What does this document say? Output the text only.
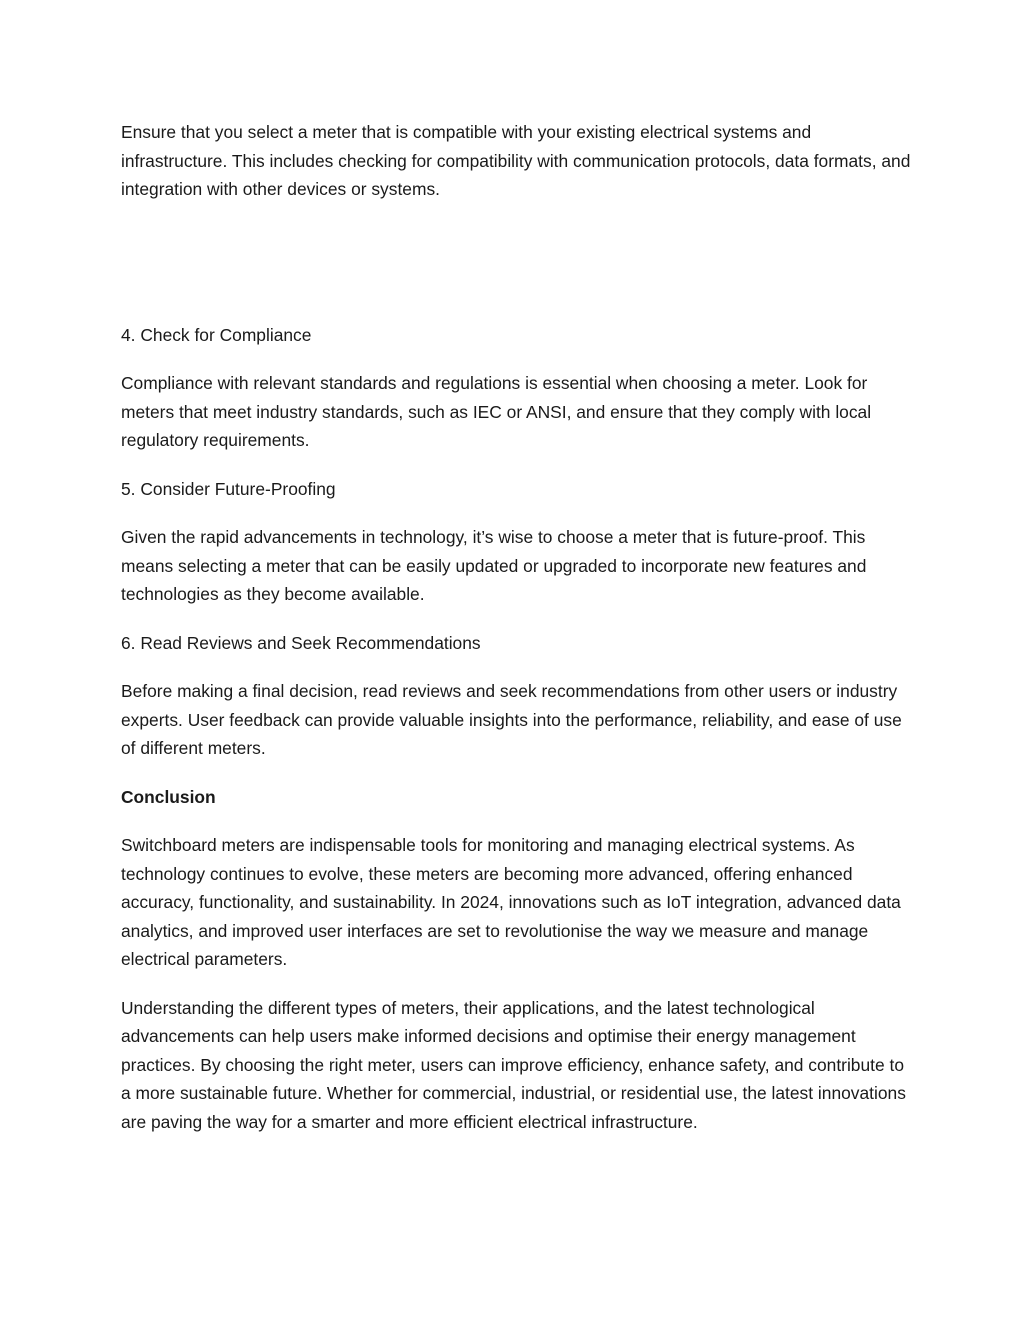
Ensure that you select a meter that is compatible with your existing electrical systems and infrastructure. This includes checking for compatibility with communication protocols, data formats, and integration with other devices or systems.

4. Check for Compliance

Compliance with relevant standards and regulations is essential when choosing a meter. Look for meters that meet industry standards, such as IEC or ANSI, and ensure that they comply with local regulatory requirements.

5. Consider Future-Proofing

Given the rapid advancements in technology, it’s wise to choose a meter that is future-proof. This means selecting a meter that can be easily updated or upgraded to incorporate new features and technologies as they become available.

6. Read Reviews and Seek Recommendations

Before making a final decision, read reviews and seek recommendations from other users or industry experts. User feedback can provide valuable insights into the performance, reliability, and ease of use of different meters.

Conclusion

Switchboard meters are indispensable tools for monitoring and managing electrical systems. As technology continues to evolve, these meters are becoming more advanced, offering enhanced accuracy, functionality, and sustainability. In 2024, innovations such as IoT integration, advanced data analytics, and improved user interfaces are set to revolutionise the way we measure and manage electrical parameters.

Understanding the different types of meters, their applications, and the latest technological advancements can help users make informed decisions and optimise their energy management practices. By choosing the right meter, users can improve efficiency, enhance safety, and contribute to a more sustainable future. Whether for commercial, industrial, or residential use, the latest innovations are paving the way for a smarter and more efficient electrical infrastructure.
